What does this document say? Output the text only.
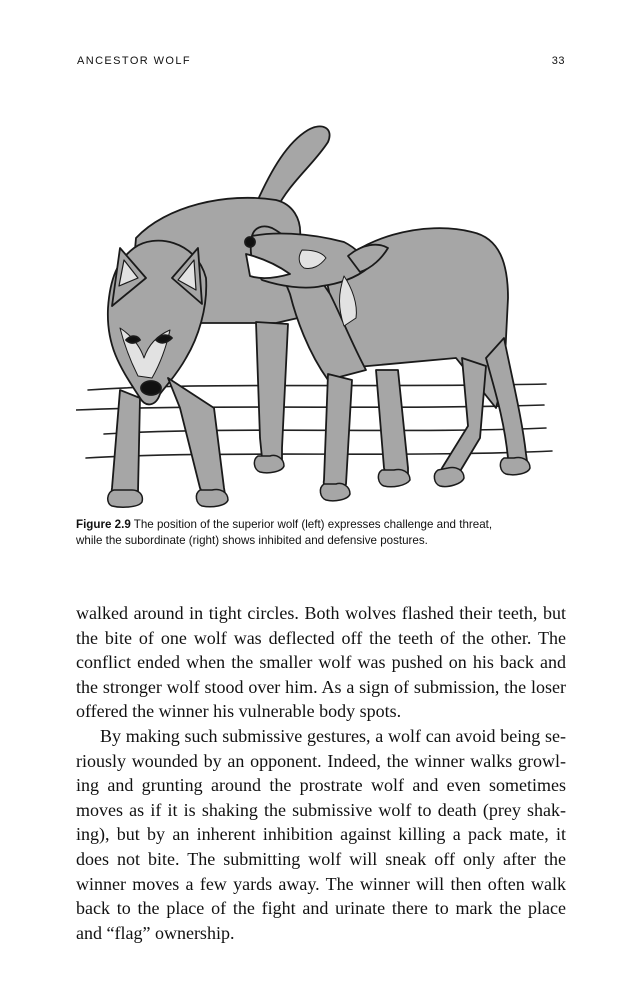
ANCESTOR WOLF	33
Figure 2.9 The position of the superior wolf (left) expresses challenge and threat,
while the subordinate (right) shows inhibited and defensive postures.
walked around in tight circles. Both wolves flashed their teeth, but
the bite of one wolf was deflected off the teeth of the other. The
conflict ended when the smaller wolf was pushed on his back and
the stronger wolf stood over him. As a sign of submission, the loser
offered the winner his vulnerable body spots.
By making such submissive gestures, a wolf can avoid being se-
riously wounded by an opponent. Indeed, the winner walks growl-
ing and grunting around the prostrate wolf and even sometimes
moves as if it is shaking the submissive wolf to death (prey shak-
ing), but by an inherent inhibition against killing a pack mate, it
does not bite. The submitting wolf will sneak off only after the
winner moves a few yards away. The winner will then often walk
back to the place of the fight and urinate there to mark the place
and “flag” ownership.
